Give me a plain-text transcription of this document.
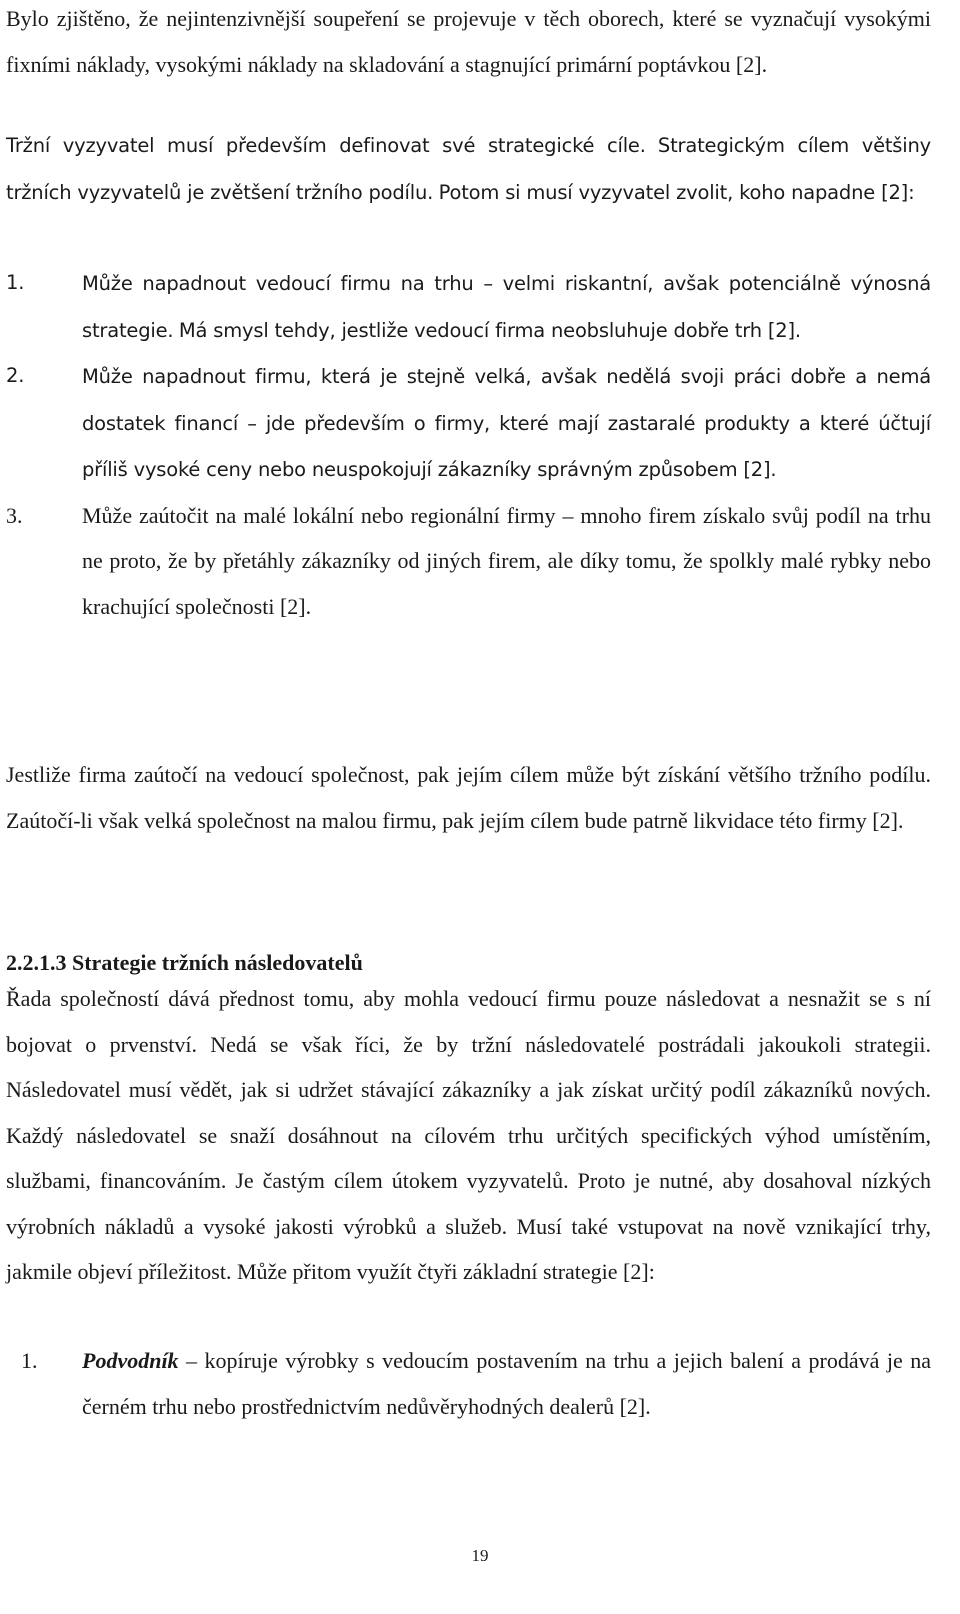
Bylo zjištěno, že nejintenzivnější soupeření se projevuje v těch oborech, které se vyznačují vysokými fixními náklady, vysokými náklady na skladování a stagnující primární poptávkou [2].

Tržní vyzyvatel musí především definovat své strategické cíle. Strategickým cílem většiny tržních vyzyvatelů je zvětšení tržního podílu. Potom si musí vyzyvatel zvolit, koho napadne [2]:

1.	Může napadnout vedoucí firmu na trhu – velmi riskantní, avšak potenciálně výnosná strategie. Má smysl tehdy, jestliže vedoucí firma neobsluhuje dobře trh [2].
2.	Může napadnout firmu, která je stejně velká, avšak nedělá svoji práci dobře a nemá dostatek financí – jde především o firmy, které mají zastaralé produkty a které účtují příliš vysoké ceny nebo neuspokojují zákazníky správným způsobem [2].
3.	Může zaútočit na malé lokální nebo regionální firmy – mnoho firem získalo svůj podíl na trhu ne proto, že by přetáhly zákazníky od jiných firem, ale díky tomu, že spolkly malé rybky nebo krachující společnosti [2].

Jestliže firma zaútočí na vedoucí společnost, pak jejím cílem může být získání většího tržního podílu. Zaútočí-li však velká společnost na malou firmu, pak jejím cílem bude patrně likvidace této firmy [2].

2.2.1.3 Strategie tržních následovatelů

Řada společností dává přednost tomu, aby mohla vedoucí firmu pouze následovat a nesnažit se s ní bojovat o prvenství. Nedá se však říci, že by tržní následovatelé postrádali jakoukoli strategii. Následovatel musí vědět, jak si udržet stávající zákazníky a jak získat určitý podíl zákazníků nových. Každý následovatel se snaží dosáhnout na cílovém trhu určitých specifických výhod umístěním, službami, financováním. Je častým cílem útokem vyzyvatelů. Proto je nutné, aby dosahoval nízkých výrobních nákladů a vysoké jakosti výrobků a služeb. Musí také vstupovat na nově vznikající trhy, jakmile objeví příležitost. Může přitom využít čtyři základní strategie [2]:

1. Podvodník – kopíruje výrobky s vedoucím postavením na trhu a jejich balení a prodává je na černém trhu nebo prostřednictvím nedůvěryhodných dealerů [2].

19
